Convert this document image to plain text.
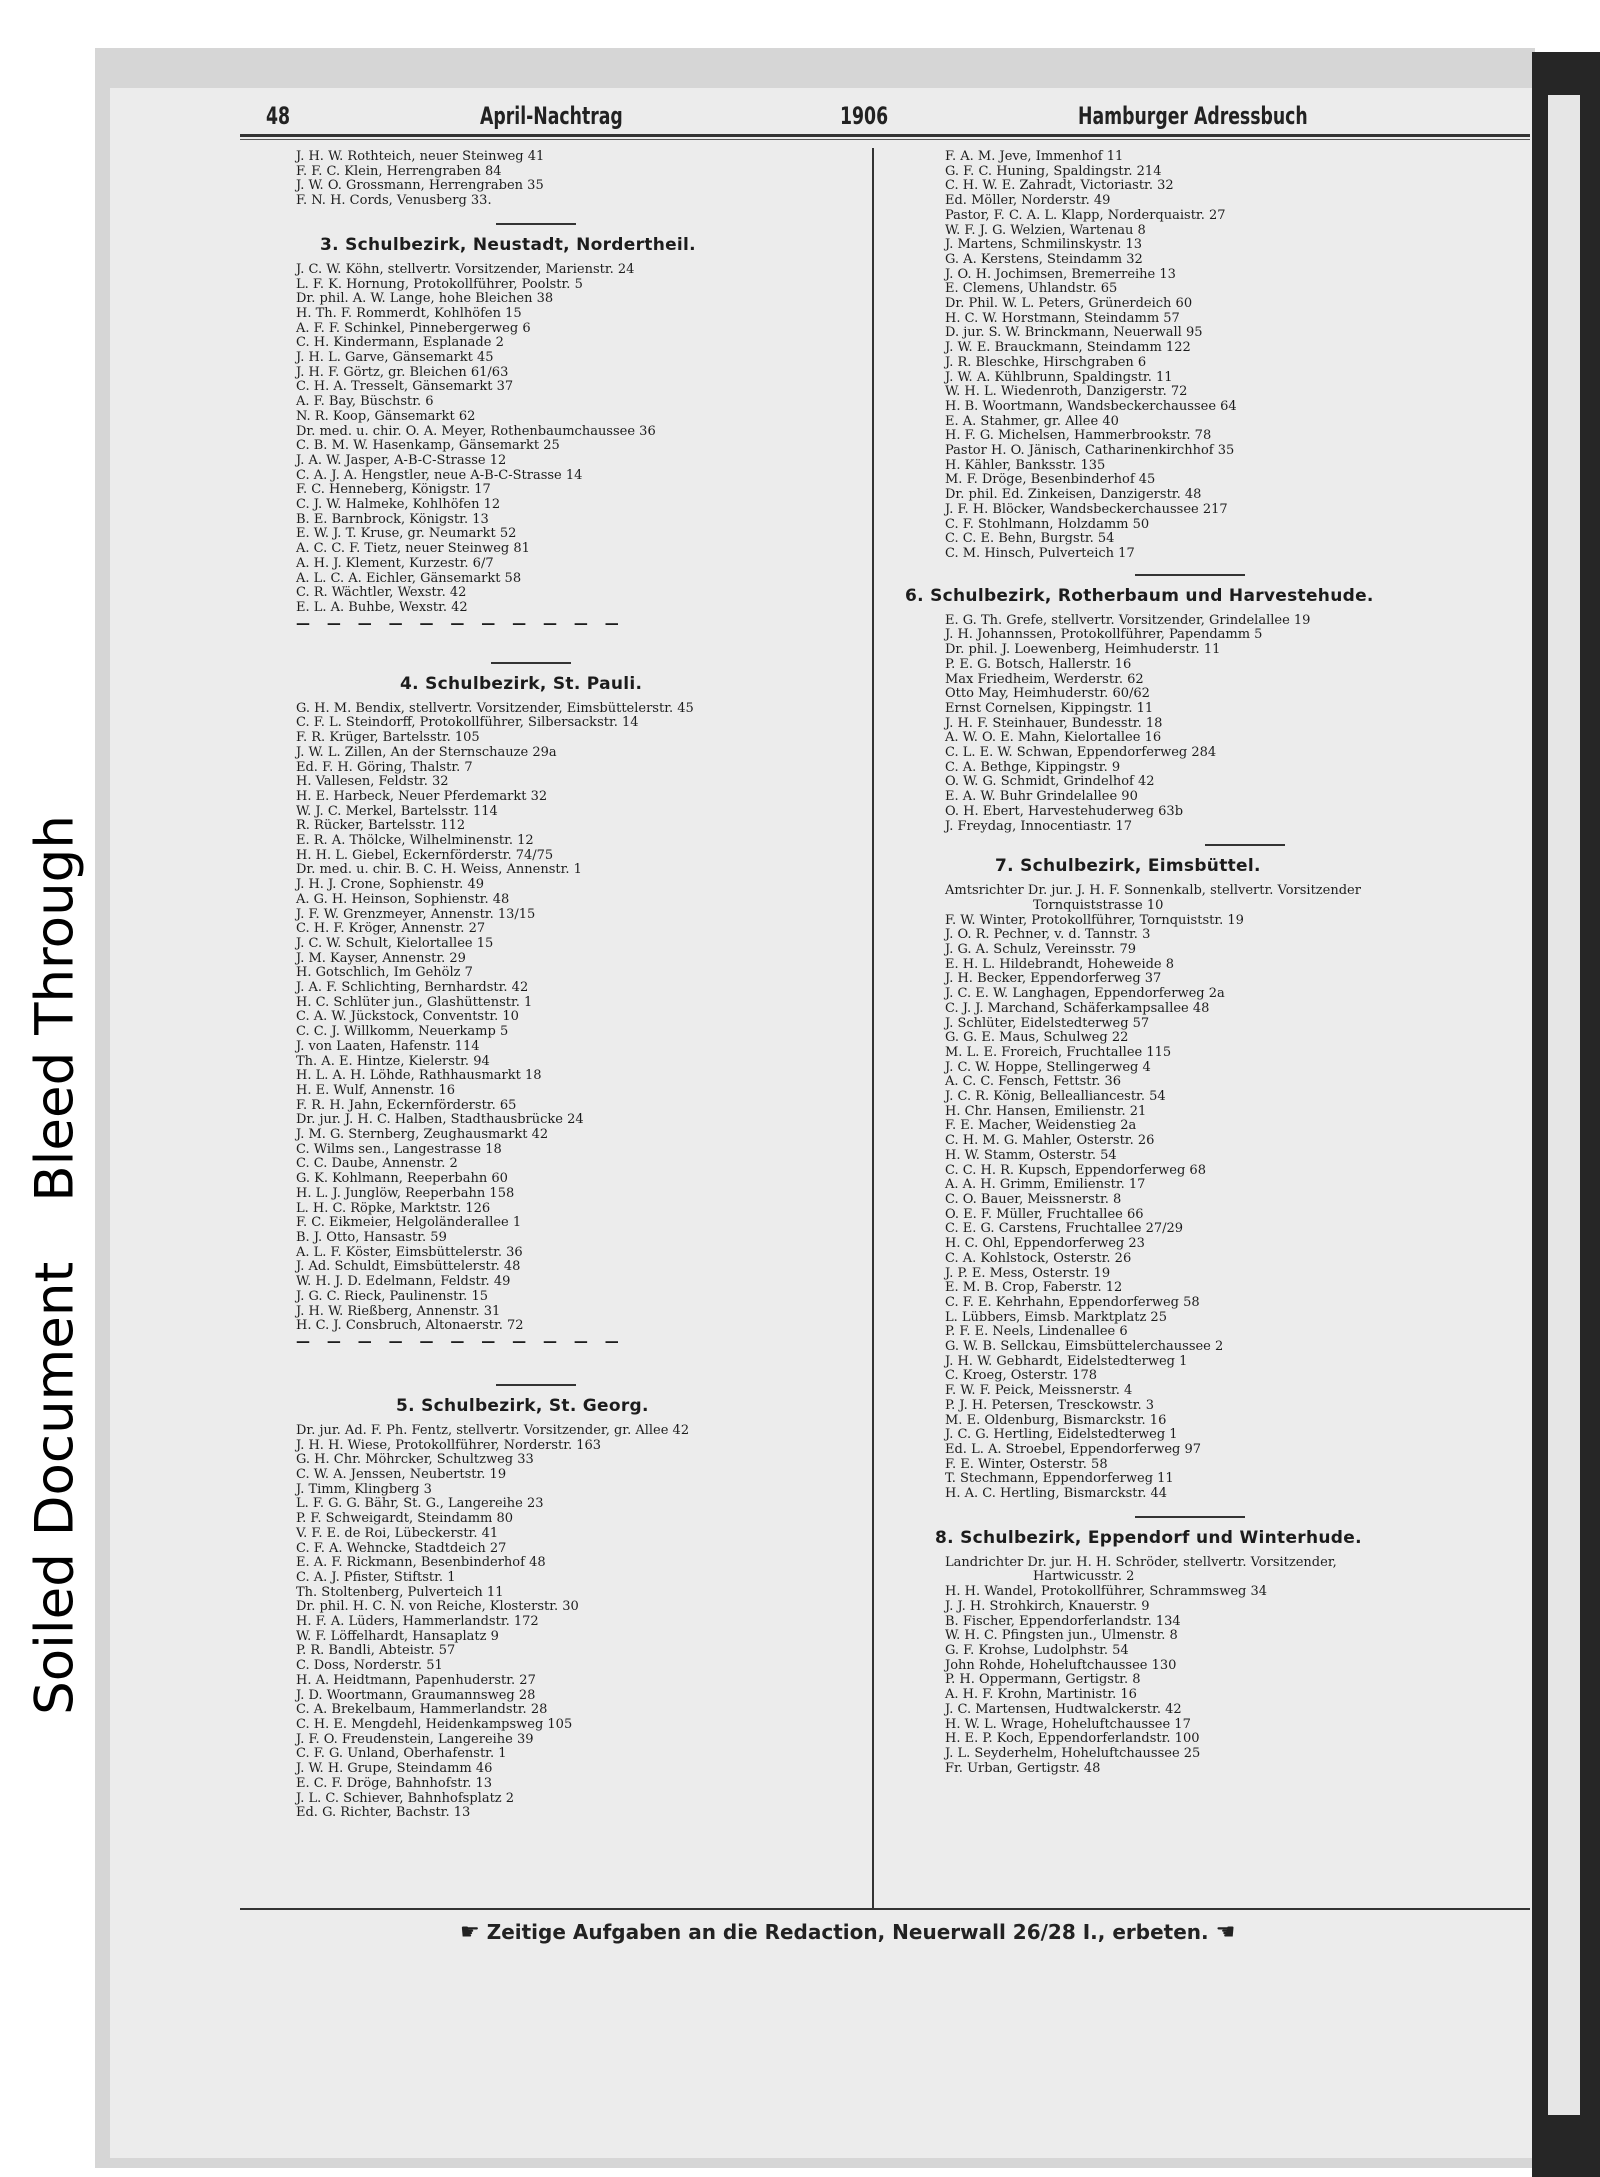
Soiled DocumentBleed Through
48	April-Nachtrag	1906	Hamburger Adressbuch
J. H. W. Rothteich, neuer Steinweg 41
F. F. C. Klein, Herrengraben 84
J. W. O. Grossmann, Herrengraben 35
F. N. H. Cords, Venusberg 33.
3. Schulbezirk, Neustadt, Nordertheil.
J. C. W. Köhn, stellvertr. Vorsitzender, Marienstr. 24
L. F. K. Hornung, Protokollführer, Poolstr. 5
Dr. phil. A. W. Lange, hohe Bleichen 38
H. Th. F. Rommerdt, Kohlhöfen 15
A. F. F. Schinkel, Pinnebergerweg 6
C. H. Kindermann, Esplanade 2
J. H. L. Garve, Gänsemarkt 45
J. H. F. Görtz, gr. Bleichen 61/63
C. H. A. Tresselt, Gänsemarkt 37
A. F. Bay, Büschstr. 6
N. R. Koop, Gänsemarkt 62
Dr. med. u. chir. O. A. Meyer, Rothenbaumchaussee 36
C. B. M. W. Hasenkamp, Gänsemarkt 25
J. A. W. Jasper, A-B-C-Strasse 12
C. A. J. A. Hengstler, neue A-B-C-Strasse 14
F. C. Henneberg, Königstr. 17
C. J. W. Halmeke, Kohlhöfen 12
B. E. Barnbrock, Königstr. 13
E. W. J. T. Kruse, gr. Neumarkt 52
A. C. C. F. Tietz, neuer Steinweg 81
A. H. J. Klement, Kurzestr. 6/7
A. L. C. A. Eichler, Gänsemarkt 58
C. R. Wächtler, Wexstr. 42
E. L. A. Buhbe, Wexstr. 42
— — — — — — — — — — —
4. Schulbezirk, St. Pauli.
G. H. M. Bendix, stellvertr. Vorsitzender, Eimsbüttelerstr. 45
C. F. L. Steindorff, Protokollführer, Silbersackstr. 14
F. R. Krüger, Bartelsstr. 105
J. W. L. Zillen, An der Sternschauze 29a
Ed. F. H. Göring, Thalstr. 7
H. Vallesen, Feldstr. 32
H. E. Harbeck, Neuer Pferdemarkt 32
W. J. C. Merkel, Bartelsstr. 114
R. Rücker, Bartelsstr. 112
E. R. A. Thölcke, Wilhelminenstr. 12
H. H. L. Giebel, Eckernförderstr. 74/75
Dr. med. u. chir. B. C. H. Weiss, Annenstr. 1
J. H. J. Crone, Sophienstr. 49
A. G. H. Heinson, Sophienstr. 48
J. F. W. Grenzmeyer, Annenstr. 13/15
C. H. F. Kröger, Annenstr. 27
J. C. W. Schult, Kielortallee 15
J. M. Kayser, Annenstr. 29
H. Gotschlich, Im Gehölz 7
J. A. F. Schlichting, Bernhardstr. 42
H. C. Schlüter jun., Glashüttenstr. 1
C. A. W. Jückstock, Conventstr. 10
C. C. J. Willkomm, Neuerkamp 5
J. von Laaten, Hafenstr. 114
Th. A. E. Hintze, Kielerstr. 94
H. L. A. H. Löhde, Rathhausmarkt 18
H. E. Wulf, Annenstr. 16
F. R. H. Jahn, Eckernförderstr. 65
Dr. jur. J. H. C. Halben, Stadthausbrücke 24
J. M. G. Sternberg, Zeughausmarkt 42
C. Wilms sen., Langestrasse 18
C. C. Daube, Annenstr. 2
G. K. Kohlmann, Reeperbahn 60
H. L. J. Junglöw, Reeperbahn 158
L. H. C. Röpke, Marktstr. 126
F. C. Eikmeier, Helgoländerallee 1
B. J. Otto, Hansastr. 59
A. L. F. Köster, Eimsbüttelerstr. 36
J. Ad. Schuldt, Eimsbüttelerstr. 48
W. H. J. D. Edelmann, Feldstr. 49
J. G. C. Rieck, Paulinenstr. 15
J. H. W. Rießberg, Annenstr. 31
H. C. J. Consbruch, Altonaerstr. 72
— — — — — — — — — — —
5. Schulbezirk, St. Georg.
Dr. jur. Ad. F. Ph. Fentz, stellvertr. Vorsitzender, gr. Allee 42
J. H. H. Wiese, Protokollführer, Norderstr. 163
G. H. Chr. Möhrcker, Schultzweg 33
C. W. A. Jenssen, Neubertstr. 19
J. Timm, Klingberg 3
L. F. G. G. Bähr, St. G., Langereihe 23
P. F. Schweigardt, Steindamm 80
V. F. E. de Roi, Lübeckerstr. 41
C. F. A. Wehncke, Stadtdeich 27
E. A. F. Rickmann, Besenbinderhof 48
C. A. J. Pfister, Stiftstr. 1
Th. Stoltenberg, Pulverteich 11
Dr. phil. H. C. N. von Reiche, Klosterstr. 30
H. F. A. Lüders, Hammerlandstr. 172
W. F. Löffelhardt, Hansaplatz 9
P. R. Bandli, Abteistr. 57
C. Doss, Norderstr. 51
H. A. Heidtmann, Papenhuderstr. 27
J. D. Woortmann, Graumannsweg 28
C. A. Brekelbaum, Hammerlandstr. 28
C. H. E. Mengdehl, Heidenkampsweg 105
J. F. O. Freudenstein, Langereihe 39
C. F. G. Unland, Oberhafenstr. 1
J. W. H. Grupe, Steindamm 46
E. C. F. Dröge, Bahnhofstr. 13
J. L. C. Schiever, Bahnhofsplatz 2
Ed. G. Richter, Bachstr. 13
F. A. M. Jeve, Immenhof 11
G. F. C. Huning, Spaldingstr. 214
C. H. W. E. Zahradt, Victoriastr. 32
Ed. Möller, Norderstr. 49
Pastor, F. C. A. L. Klapp, Norderquaistr. 27
W. F. J. G. Welzien, Wartenau 8
J. Martens, Schmilinskystr. 13
G. A. Kerstens, Steindamm 32
J. O. H. Jochimsen, Bremerreihe 13
E. Clemens, Uhlandstr. 65
Dr. Phil. W. L. Peters, Grünerdeich 60
H. C. W. Horstmann, Steindamm 57
D. jur. S. W. Brinckmann, Neuerwall 95
J. W. E. Brauckmann, Steindamm 122
J. R. Bleschke, Hirschgraben 6
J. W. A. Kühlbrunn, Spaldingstr. 11
W. H. L. Wiedenroth, Danzigerstr. 72
H. B. Woortmann, Wandsbeckerchaussee 64
E. A. Stahmer, gr. Allee 40
H. F. G. Michelsen, Hammerbrookstr. 78
Pastor H. O. Jänisch, Catharinenkirchhof 35
H. Kähler, Banksstr. 135
M. F. Dröge, Besenbinderhof 45
Dr. phil. Ed. Zinkeisen, Danzigerstr. 48
J. F. H. Blöcker, Wandsbeckerchaussee 217
C. F. Stohlmann, Holzdamm 50
C. C. E. Behn, Burgstr. 54
C. M. Hinsch, Pulverteich 17
6. Schulbezirk, Rotherbaum und Harvestehude.
E. G. Th. Grefe, stellvertr. Vorsitzender, Grindelallee 19
J. H. Johannssen, Protokollführer, Papendamm 5
Dr. phil. J. Loewenberg, Heimhuderstr. 11
P. E. G. Botsch, Hallerstr. 16
Max Friedheim, Werderstr. 62
Otto May, Heimhuderstr. 60/62
Ernst Cornelsen, Kippingstr. 11
J. H. F. Steinhauer, Bundesstr. 18
A. W. O. E. Mahn, Kielortallee 16
C. L. E. W. Schwan, Eppendorferweg 284
C. A. Bethge, Kippingstr. 9
O. W. G. Schmidt, Grindelhof 42
E. A. W. Buhr Grindelallee 90
O. H. Ebert, Harvestehuderweg 63b
J. Freydag, Innocentiastr. 17
7. Schulbezirk, Eimsbüttel.
Amtsrichter Dr. jur. J. H. F. Sonnenkalb, stellvertr. Vorsitzender
Tornquiststrasse 10
F. W. Winter, Protokollführer, Tornquiststr. 19
J. O. R. Pechner, v. d. Tannstr. 3
J. G. A. Schulz, Vereinsstr. 79
E. H. L. Hildebrandt, Hoheweide 8
J. H. Becker, Eppendorferweg 37
J. C. E. W. Langhagen, Eppendorferweg 2a
C. J. J. Marchand, Schäferkampsallee 48
J. Schlüter, Eidelstedterweg 57
G. G. E. Maus, Schulweg 22
M. L. E. Froreich, Fruchtallee 115
J. C. W. Hoppe, Stellingerweg 4
A. C. C. Fensch, Fettstr. 36
J. C. R. König, Bellealliancestr. 54
H. Chr. Hansen, Emilienstr. 21
F. E. Macher, Weidenstieg 2a
C. H. M. G. Mahler, Osterstr. 26
H. W. Stamm, Osterstr. 54
C. C. H. R. Kupsch, Eppendorferweg 68
A. A. H. Grimm, Emilienstr. 17
C. O. Bauer, Meissnerstr. 8
O. E. F. Müller, Fruchtallee 66
C. E. G. Carstens, Fruchtallee 27/29
H. C. Ohl, Eppendorferweg 23
C. A. Kohlstock, Osterstr. 26
J. P. E. Mess, Osterstr. 19
E. M. B. Crop, Faberstr. 12
C. F. E. Kehrhahn, Eppendorferweg 58
L. Lübbers, Eimsb. Marktplatz 25
P. F. E. Neels, Lindenallee 6
G. W. B. Sellckau, Eimsbüttelerchaussee 2
J. H. W. Gebhardt, Eidelstedterweg 1
C. Kroeg, Osterstr. 178
F. W. F. Peick, Meissnerstr. 4
P. J. H. Petersen, Tresckowstr. 3
M. E. Oldenburg, Bismarckstr. 16
J. C. G. Hertling, Eidelstedterweg 1
Ed. L. A. Stroebel, Eppendorferweg 97
F. E. Winter, Osterstr. 58
T. Stechmann, Eppendorferweg 11
H. A. C. Hertling, Bismarckstr. 44
8. Schulbezirk, Eppendorf und Winterhude.
Landrichter Dr. jur. H. H. Schröder, stellvertr. Vorsitzender,
Hartwicusstr. 2
H. H. Wandel, Protokollführer, Schrammsweg 34
J. J. H. Strohkirch, Knauerstr. 9
B. Fischer, Eppendorferlandstr. 134
W. H. C. Pfingsten jun., Ulmenstr. 8
G. F. Krohse, Ludolphstr. 54
John Rohde, Hoheluftchaussee 130
P. H. Oppermann, Gertigstr. 8
A. H. F. Krohn, Martinistr. 16
J. C. Martensen, Hudtwalckerstr. 42
H. W. L. Wrage, Hoheluftchaussee 17
H. E. P. Koch, Eppendorferlandstr. 100
J. L. Seyderhelm, Hoheluftchaussee 25
Fr. Urban, Gertigstr. 48
☛ Zeitige Aufgaben an die Redaction, Neuerwall 26/28 I., erbeten. ☚
